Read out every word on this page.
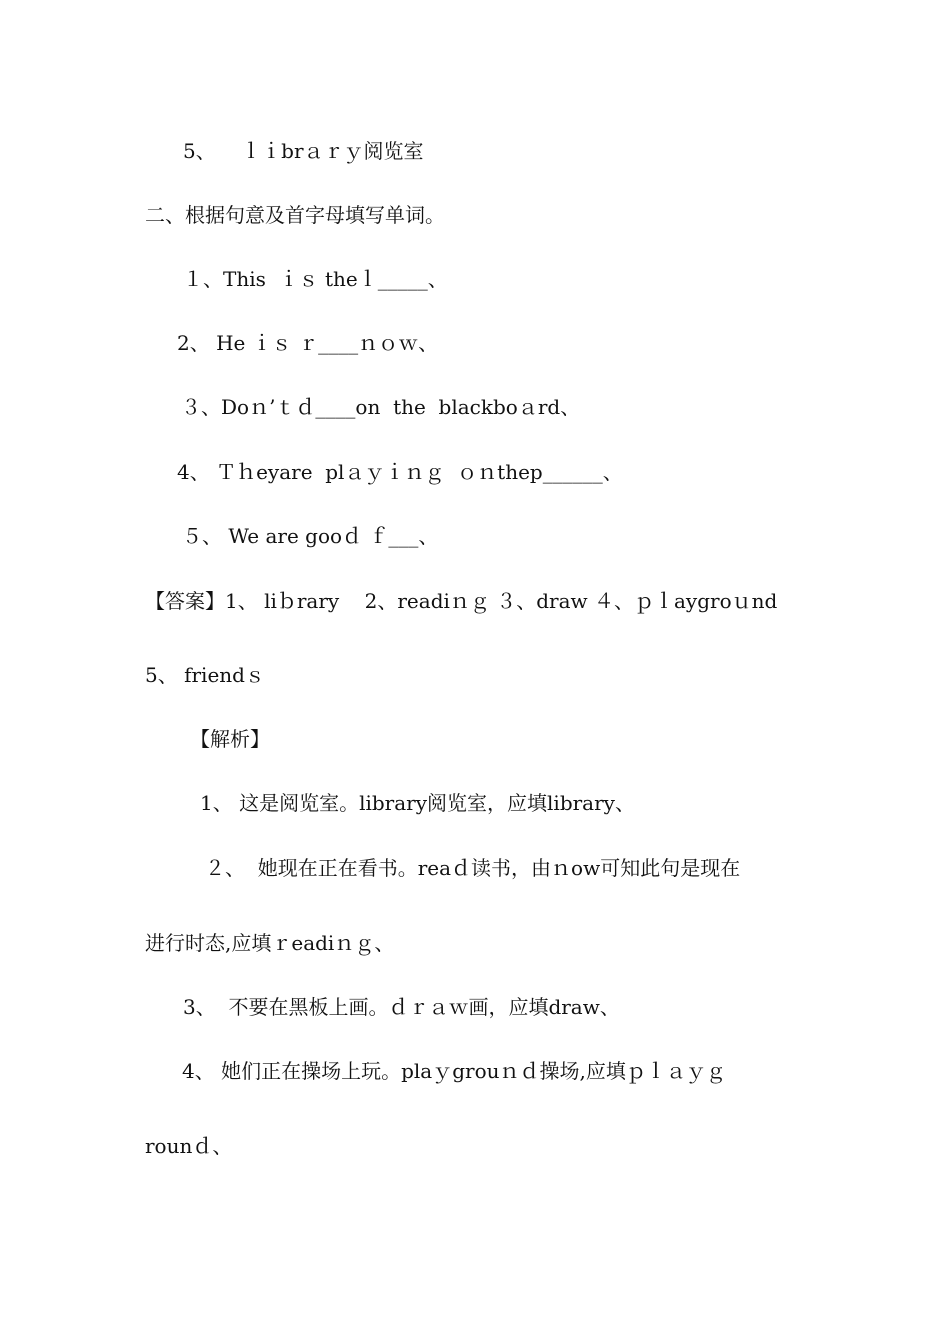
5、    ｌｉbrａｒｙ阅览室
二、根据句意及首字母填写单词。
１、This  ｉｓ theｌ_____、
2、 He ｉｓ ｒ____ｎｏｗ、
３、Doｎ’ｔｄ____on  the  blackboａrd、
4、 Ｔｈeyare  plａｙｉｎｇ  ｏｎthep______、
５、 We are gooｄ ｆ___、
【答案】1、 liｂrary    2、readiｎｇ ３、draw ４、ｐｌaygroｕnd
5、 friendｓ
【解析】
1、 这是阅览室。library阅览室，应填library、
２、  她现在正在看书。reaｄ读书，由ｎow可知此句是现在
进行时态,应填ｒeadiｎｇ、
3、  不要在黑板上画。ｄｒａｗ画，应填draw、
4、 她们正在操场上玩。plaｙgrouｎｄ操场,应填ｐｌａｙｇ
rounｄ、
